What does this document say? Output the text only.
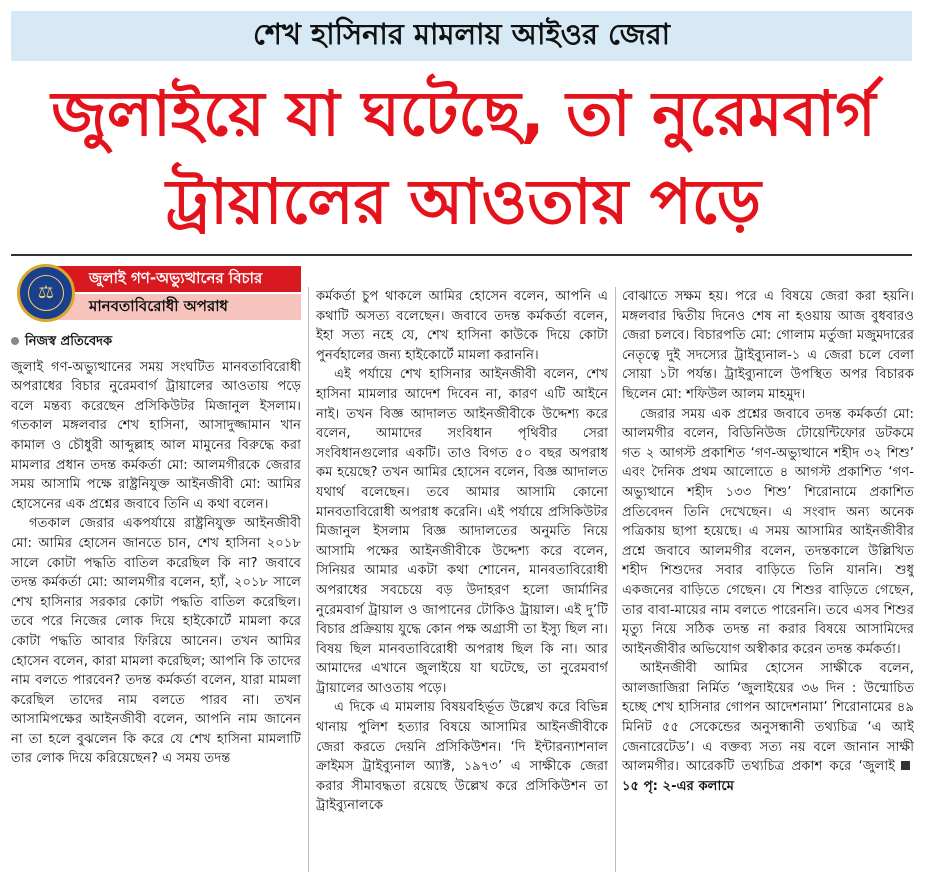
শেখ হাসিনার মামলায় আইওর জেরা
জুলাইয়ে যা ঘটেছে, তা নুরেমবার্গ
ট্রায়ালের আওতায় পড়ে
জুলাই গণ-অভ্যুত্থানের বিচার
মানবতাবিরোধী অপরাধ
⚖
নিজস্ব প্রতিবেদক

জুলাই গণ-অভ্যুত্থানের সময় সংঘটিত মানবতাবিরোধী অপরাধের বিচার নুরেমবার্গ ট্রায়ালের আওতায় পড়ে বলে মন্তব্য করেছেন প্রসিকিউটর মিজানুল ইসলাম। গতকাল মঙ্গলবার শেখ হাসিনা, আসাদুজ্জামান খান কামাল ও চৌধুরী আব্দুল্লাহ আল মামুনের বিরুদ্ধে করা মামলার প্রধান তদন্ত কর্মকর্তা মো: আলমগীরকে জেরার সময় আসামি পক্ষে রাষ্ট্রনিযুক্ত আইনজীবী মো: আমির হোসেনের এক প্রশ্নের জবাবে তিনি এ কথা বলেন।

গতকাল জেরার একপর্যায়ে রাষ্ট্রনিযুক্ত আইনজীবী মো: আমির হোসেন জানতে চান, শেখ হাসিনা ২০১৮ সালে কোটা পদ্ধতি বাতিল করেছিল কি না? জবাবে তদন্ত কর্মকর্তা মো: আলমগীর বলেন, হ্যাঁ, ২০১৮ সালে শেখ হাসিনার সরকার কোটা পদ্ধতি বাতিল করেছিল। তবে পরে নিজের লোক দিয়ে হাইকোর্টে মামলা করে কোটা পদ্ধতি আবার ফিরিয়ে আনেন। তখন আমির হোসেন বলেন, কারা মামলা করেছিল; আপনি কি তাদের নাম বলতে পারবেন? তদন্ত কর্মকর্তা বলেন, যারা মামলা করেছিল তাদের নাম বলতে পারব না। তখন আসামিপক্ষের আইনজীবী বলেন, আপনি নাম জানেন না তা হলে বুঝলেন কি করে যে শেখ হাসিনা মামলাটি তার লোক দিয়ে করিয়েছেন? এ সময় তদন্ত

কর্মকর্তা চুপ থাকলে আমির হোসেন বলেন, আপনি এ কথাটি অসত্য বলেছেন। জবাবে তদন্ত কর্মকর্তা বলেন, ইহা সত্য নহে যে, শেখ হাসিনা কাউকে দিয়ে কোটা পুনর্বহালের জন্য হাইকোর্টে মামলা করাননি।

এই পর্যায়ে শেখ হাসিনার আইনজীবী বলেন, শেখ হাসিনা মামলার আদেশ দিবেন না, কারণ এটি আইনে নাই। তখন বিজ্ঞ আদালত আইনজীবীকে উদ্দেশ্য করে বলেন, আমাদের সংবিধান পৃথিবীর সেরা সংবিধানগুলোর একটি। তাও বিগত ৫০ বছর অপরাধ কম হয়েছে? তখন আমির হোসেন বলেন, বিজ্ঞ আদালত যথার্থ বলেছেন। তবে আমার আসামি কোনো মানবতাবিরোধী অপরাধ করেনি। এই পর্যায়ে প্রসিকিউটর মিজানুল ইসলাম বিজ্ঞ আদালতের অনুমতি নিয়ে আসামি পক্ষের আইনজীবীকে উদ্দেশ্য করে বলেন, সিনিয়র আমার একটা কথা শোনেন, মানবতাবিরোধী অপরাধের সবচেয়ে বড় উদাহরণ হলো জার্মানির নুরেমবার্গ ট্রায়াল ও জাপানের টোকিও ট্রায়াল। এই দু’টি বিচার প্রক্রিয়ায় যুদ্ধে কোন পক্ষ অগ্রাসী তা ইস্যু ছিল না। বিষয় ছিল মানবতাবিরোধী অপরাধ ছিল কি না। আর আমাদের এখানে জুলাইয়ে যা ঘটেছে, তা নুরেমবার্গ ট্রায়ালের আওতায় পড়ে।

এ দিকে এ মামলায় বিষয়বহির্ভূত উল্লেখ করে বিভিন্ন থানায় পুলিশ হত্যার বিষয়ে আসামির আইনজীবীকে জেরা করতে দেয়নি প্রসিকিউশন। ‘দি ইন্টারন্যাশনাল ক্রাইমস ট্রাইব্যুনাল অ্যাক্ট, ১৯৭৩’ এ সাক্ষীকে জেরা করার সীমাবদ্ধতা রয়েছে উল্লেখ করে প্রসিকিউশন তা ট্রাইব্যুনালকে

বোঝাতে সক্ষম হয়। পরে এ বিষয়ে জেরা করা হয়নি। মঙ্গলবার দ্বিতীয় দিনেও শেষ না হওয়ায় আজ বুধবারও জেরা চলবে। বিচারপতি মো: গোলাম মর্তুজা মজুমদারের নেতৃত্বে দুই সদস্যের ট্রাইব্যুনাল-১ এ জেরা চলে বেলা সোয়া ১টা পর্যন্ত। ট্রাইব্যুনালে উপস্থিত অপর বিচারক ছিলেন মো: শফিউল আলম মাহমুদ।

জেরার সময় এক প্রশ্নের জবাবে তদন্ত কর্মকর্তা মো: আলমগীর বলেন, বিডিনিউজ টোয়েন্টিফোর ডটকমে গত ২ আগস্ট প্রকাশিত ‘গণ-অভ্যুত্থানে শহীদ ৩২ শিশু’ এবং দৈনিক প্রথম আলোতে ৪ আগস্ট প্রকাশিত ‘গণ-অভ্যুত্থানে শহীদ ১৩৩ শিশু’ শিরোনামে প্রকাশিত প্রতিবেদন তিনি দেখেছেন। এ সংবাদ অন্য অনেক পত্রিকায় ছাপা হয়েছে। এ সময় আসামির আইনজীবীর প্রশ্নে জবাবে আলমগীর বলেন, তদন্তকালে উল্লিখিত শহীদ শিশুদের সবার বাড়িতে তিনি যাননি। শুধু একজনের বাড়িতে গেছেন। যে শিশুর বাড়িতে গেছেন, তার বাবা-মায়ের নাম বলতে পারেননি। তবে এসব শিশুর মৃত্যু নিয়ে সঠিক তদন্ত না করার বিষয়ে আসামিদের আইনজীবীর অভিযোগ অস্বীকার করেন তদন্ত কর্মকর্তা।

আইনজীবী আমির হোসেন সাক্ষীকে বলেন, আলজাজিরা নির্মিত ‘জুলাইয়ের ৩৬ দিন : উন্মোচিত হচ্ছে শেখ হাসিনার গোপন আদেশনামা’ শিরোনামের ৪৯ মিনিট ৫৫ সেকেন্ডের অনুসন্ধানী তথ্যচিত্র ‘এ আই জেনারেটেড’। এ বক্তব্য সত্য নয় বলে জানান সাক্ষী আলমগীর। আরেকটি তথ্যচিত্র প্রকাশ করে ‘জুলাই১৫ পৃ: ২-এর কলামে
